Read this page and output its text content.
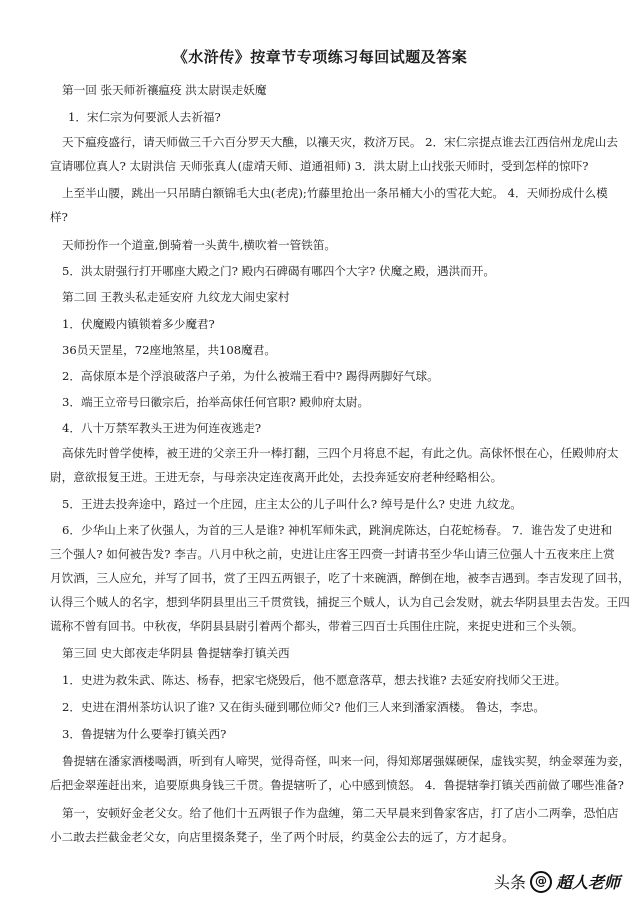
《水浒传》按章节专项练习每回试题及答案
第一回 张天师祈禳瘟疫 洪太尉误走妖魔
1．宋仁宗为何要派人去祈福?
天下瘟疫盛行，请天师做三千六百分罗天大醮，以禳天灾，救济万民。 2．宋仁宗提点谁去江西信州龙虎山去
宣请哪位真人? 太尉洪信 天师张真人(虚靖天师、道通祖师) 3．洪太尉上山找张天师时，受到怎样的惊吓?
上至半山腰，跳出一只吊睛白额锦毛大虫(老虎);竹藤里抢出一条吊桶大小的雪花大蛇。 4．天师扮成什么模
样?
天师扮作一个道童,倒骑着一头黄牛,横吹着一管铁笛。
5．洪太尉强行打开哪座大殿之门? 殿内石碑碣有哪四个大字? 伏魔之殿，遇洪而开。
第二回 王教头私走延安府 九纹龙大闹史家村
1．伏魔殿内镇锁着多少魔君?
36员天罡星，72座地煞星，共108魔君。
2．高俅原本是个浮浪破落户子弟，为什么被端王看中? 踢得两脚好气球。
3．端王立帝号曰徽宗后，抬举高俅任何官职? 殿帅府太尉。
4．八十万禁军教头王进为何连夜逃走?
高俅先时曾学使棒，被王进的父亲王升一棒打翻，三四个月将息不起，有此之仇。高俅怀恨在心，任殿帅府太
尉，意欲报复王进。王进无奈，与母亲决定连夜离开此处，去投奔延安府老种经略相公。
5．王进去投奔途中，路过一个庄园，庄主太公的儿子叫什么? 绰号是什么? 史进 九纹龙。
6．少华山上来了伙强人，为首的三人是谁? 神机军师朱武，跳涧虎陈达，白花蛇杨春。 7．谁告发了史进和
三个强人? 如何被告发? 李吉。八月中秋之前，史进让庄客王四赍一封请书至少华山请三位强人十五夜来庄上赏
月饮酒，三人应允，并写了回书，赏了王四五两银子，吃了十来碗酒，醉倒在地，被李吉遇到。李吉发现了回书，
认得三个贼人的名字，想到华阴县里出三千贯赏钱，捕捉三个贼人，认为自己会发财，就去华阴县里去告发。王四
谎称不曾有回书。中秋夜，华阴县县尉引着两个都头，带着三四百士兵围住庄院，来捉史进和三个头领。
第三回 史大郎夜走华阴县 鲁提辖拳打镇关西
1．史进为救朱武、陈达、杨春，把家宅烧毁后，他不愿意落草，想去找谁? 去延安府找师父王进。
2．史进在渭州茶坊认识了谁? 又在街头碰到哪位师父? 他们三人来到潘家酒楼。 鲁达，李忠。
3．鲁提辖为什么要拳打镇关西?
鲁提辖在潘家酒楼喝酒，听到有人啼哭，觉得奇怪，叫来一问，得知郑屠强媒硬保，虚钱实契，纳金翠莲为妾，
后把金翠莲赶出来，追要原典身钱三千贯。鲁提辖听了，心中感到愤怒。 4．鲁提辖拳打镇关西前做了哪些准备?
第一，安顿好金老父女。给了他们十五两银子作为盘缠，第二天早晨来到鲁家客店，打了店小二两拳，恐怕店
小二敢去拦截金老父女，向店里掇条凳子，坐了两个时辰，约莫金公去的远了，方才起身。
头条 @ 超人老师
